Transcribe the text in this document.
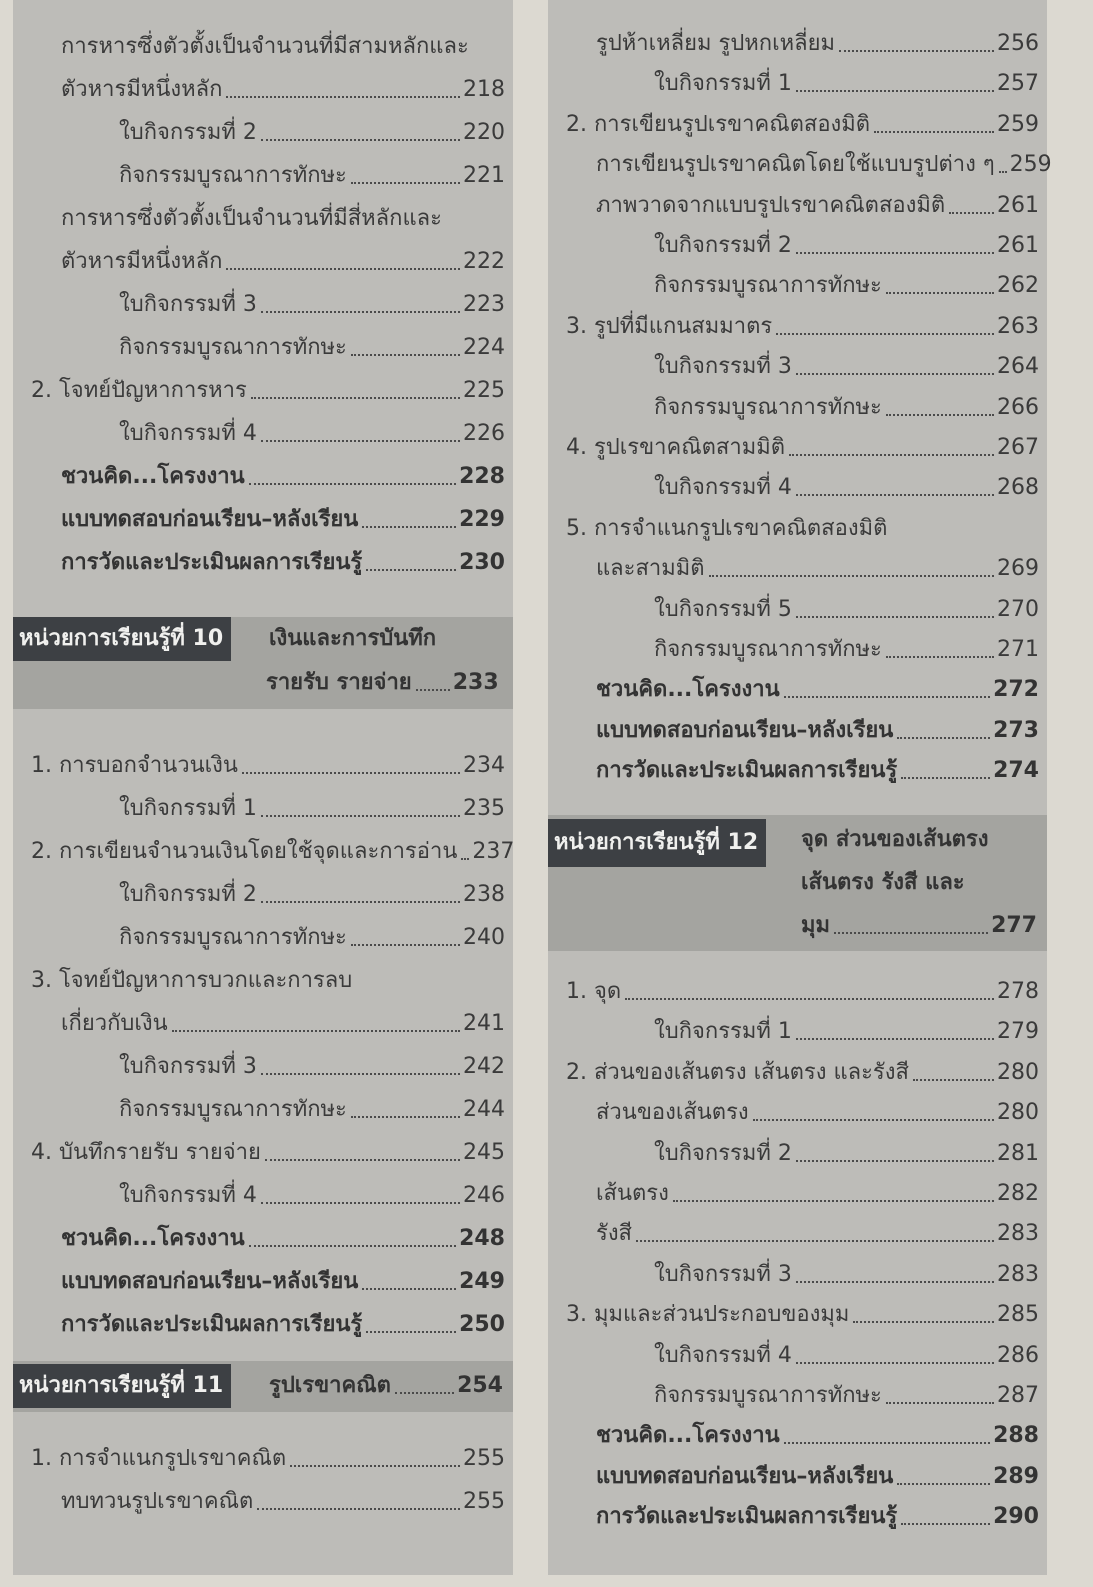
การหารซึ่งตัวตั้งเป็นจำนวนที่มีสามหลักและ
ตัวหารมีหนึ่งหลัก	218
ใบกิจกรรมที่ 2	220
กิจกรรมบูรณาการทักษะ	221
การหารซึ่งตัวตั้งเป็นจำนวนที่มีสี่หลักและ
ตัวหารมีหนึ่งหลัก	222
ใบกิจกรรมที่ 3	223
กิจกรรมบูรณาการทักษะ	224
2. โจทย์ปัญหาการหาร	225
ใบกิจกรรมที่ 4	226
ชวนคิด...โครงงาน	228
แบบทดสอบก่อนเรียน–หลังเรียน	229
การวัดและประเมินผลการเรียนรู้	230
หน่วยการเรียนรู้ที่ 10	เงินและการบันทึก
รายรับ รายจ่าย 233
1. การบอกจำนวนเงิน	234
ใบกิจกรรมที่ 1	235
2. การเขียนจำนวนเงินโดยใช้จุดและการอ่าน 237
ใบกิจกรรมที่ 2	238
กิจกรรมบูรณาการทักษะ	240
3. โจทย์ปัญหาการบวกและการลบ
เกี่ยวกับเงิน	241
ใบกิจกรรมที่ 3	242
กิจกรรมบูรณาการทักษะ	244
4. บันทึกรายรับ รายจ่าย	245
ใบกิจกรรมที่ 4	246
ชวนคิด...โครงงาน	248
แบบทดสอบก่อนเรียน–หลังเรียน	249
การวัดและประเมินผลการเรียนรู้	250
หน่วยการเรียนรู้ที่ 11	รูปเรขาคณิต	254
1. การจำแนกรูปเรขาคณิต	255
ทบทวนรูปเรขาคณิต	255
รูปห้าเหลี่ยม รูปหกเหลี่ยม	256
ใบกิจกรรมที่ 1	257
2. การเขียนรูปเรขาคณิตสองมิติ	259
การเขียนรูปเรขาคณิตโดยใช้แบบรูปต่าง ๆ 259
ภาพวาดจากแบบรูปเรขาคณิตสองมิติ 261
ใบกิจกรรมที่ 2	261
กิจกรรมบูรณาการทักษะ	262
3. รูปที่มีแกนสมมาตร	263
ใบกิจกรรมที่ 3	264
กิจกรรมบูรณาการทักษะ	266
4. รูปเรขาคณิตสามมิติ	267
ใบกิจกรรมที่ 4	268
5. การจำแนกรูปเรขาคณิตสองมิติ
และสามมิติ	269
ใบกิจกรรมที่ 5	270
กิจกรรมบูรณาการทักษะ	271
ชวนคิด...โครงงาน	272
แบบทดสอบก่อนเรียน–หลังเรียน	273
การวัดและประเมินผลการเรียนรู้	274
หน่วยการเรียนรู้ที่ 12	จุด ส่วนของเส้นตรง
เส้นตรง รังสี และ
มุม	277
1. จุด	278
ใบกิจกรรมที่ 1	279
2. ส่วนของเส้นตรง เส้นตรง และรังสี	280
ส่วนของเส้นตรง	280
ใบกิจกรรมที่ 2	281
เส้นตรง	282
รังสี	283
ใบกิจกรรมที่ 3	283
3. มุมและส่วนประกอบของมุม	285
ใบกิจกรรมที่ 4	286
กิจกรรมบูรณาการทักษะ	287
ชวนคิด...โครงงาน	288
แบบทดสอบก่อนเรียน–หลังเรียน	289
การวัดและประเมินผลการเรียนรู้	290
